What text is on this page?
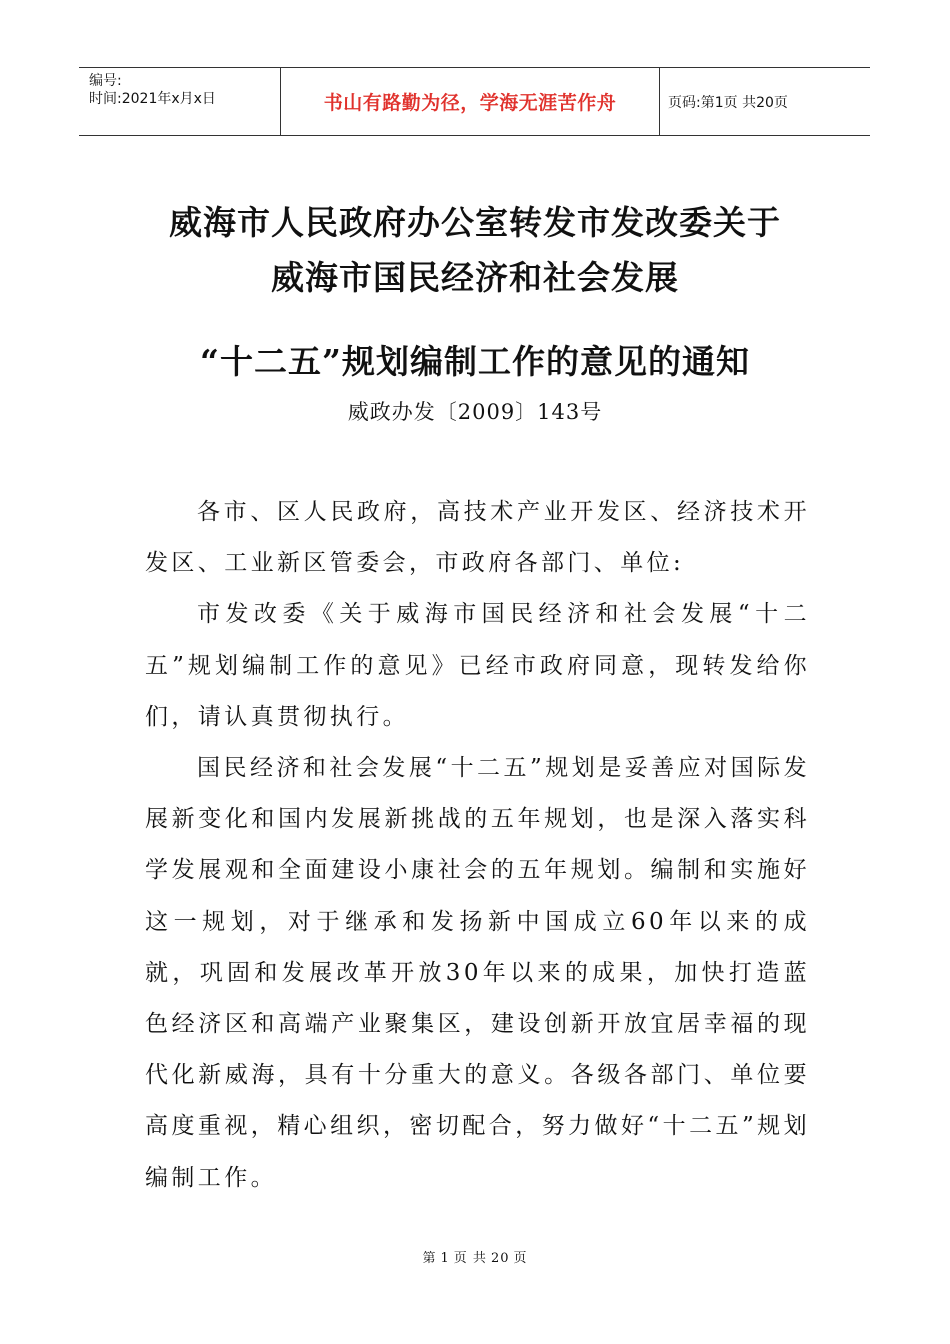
编号:
时间:2021年x月x日	书山有路勤为径，学海无涯苦作舟	页码:第1页 共20页
威海市人民政府办公室转发市发改委关于
威海市国民经济和社会发展
“十二五”规划编制工作的意见的通知
威政办发〔2009〕143号

各市、区人民政府，高技术产业开发区、经济技术开发区、工业新区管委会，市政府各部门、单位:

市发改委《关于威海市国民经济和社会发展“十二五”规划编制工作的意见》已经市政府同意，现转发给你们，请认真贯彻执行。

国民经济和社会发展“十二五”规划是妥善应对国际发展新变化和国内发展新挑战的五年规划，也是深入落实科学发展观和全面建设小康社会的五年规划。编制和实施好这一规划，对于继承和发扬新中国成立60年以来的成就，巩固和发展改革开放30年以来的成果，加快打造蓝色经济区和高端产业聚集区，建设创新开放宜居幸福的现代化新威海，具有十分重大的意义。各级各部门、单位要高度重视，精心组织，密切配合，努力做好“十二五”规划编制工作。

第 1 页 共 20 页
